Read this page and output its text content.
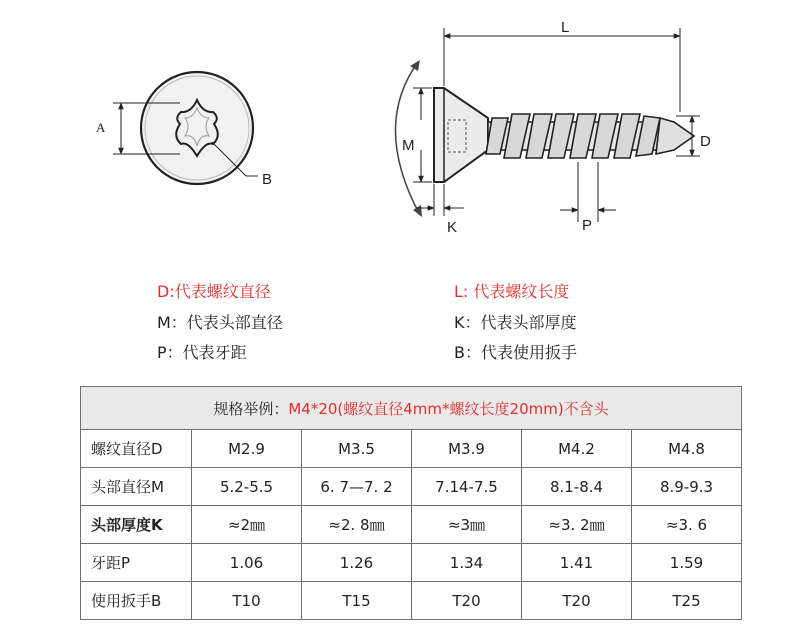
A
B
L
M	D
K	P
D:代表螺纹直径	L: 代表螺纹长度
M：代表头部直径	K：代表头部厚度
P：代表牙距	B：代表使用扳手
规格举例：M4*20(螺纹直径4mm*螺纹长度20mm)不含头					
螺纹直径D	M2.9	M3.5	M3.9	M4.2	M4.8
头部直径M	5.2-5.5	6. 7—7. 2	7.14-7.5	8.1-8.4	8.9-9.3
头部厚度K	≈2㎜	≈2. 8㎜	≈3㎜	≈3. 2㎜	≈3. 6
牙距P	1.06	1.26	1.34	1.41	1.59
使用扳手B	T10	T15	T20	T20	T25
